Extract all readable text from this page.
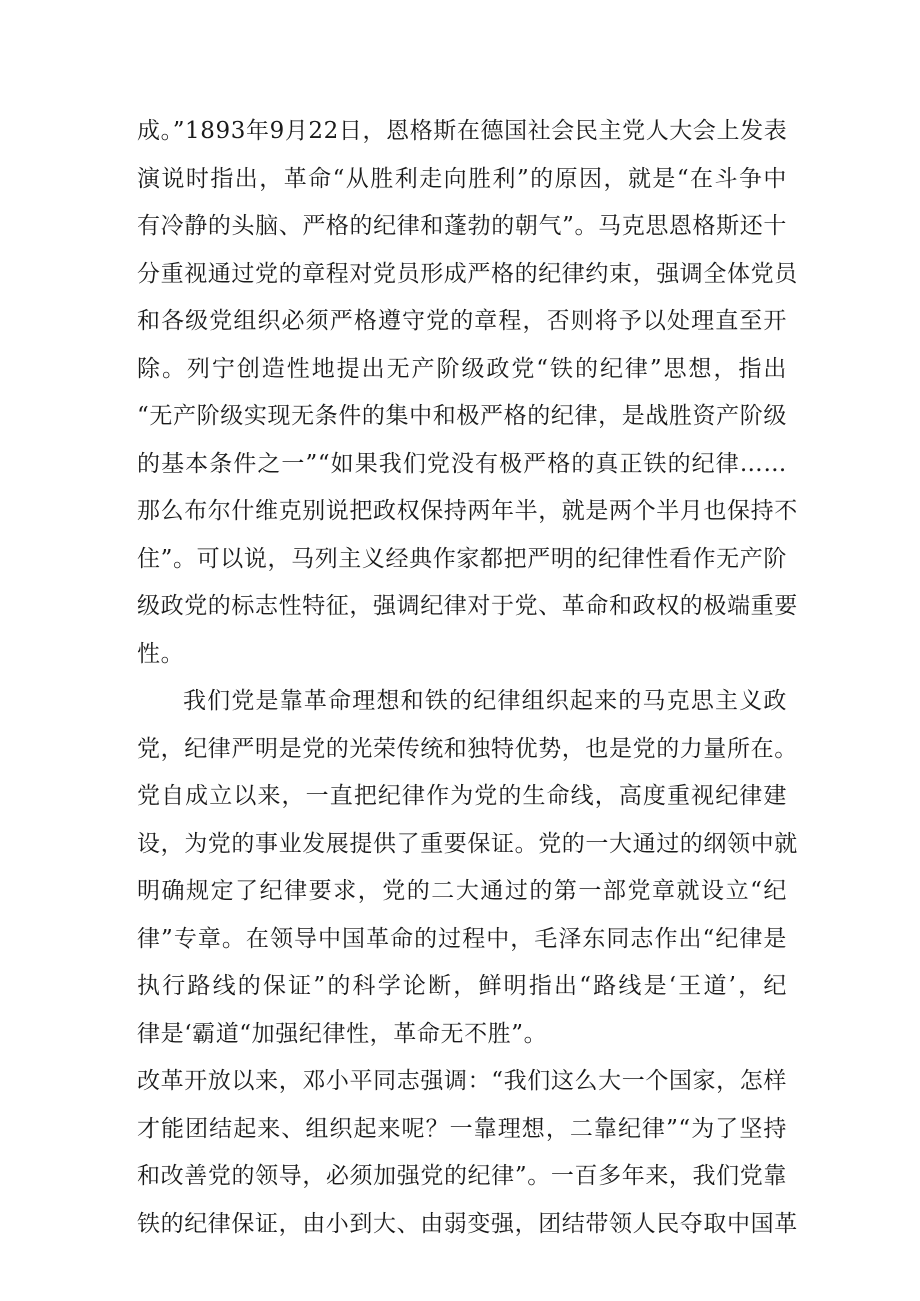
成。”1893年9月22日，恩格斯在德国社会民主党人大会上发表
演说时指出，革命“从胜利走向胜利”的原因，就是“在斗争中
有冷静的头脑、严格的纪律和蓬勃的朝气”。马克思恩格斯还十
分重视通过党的章程对党员形成严格的纪律约束，强调全体党员
和各级党组织必须严格遵守党的章程，否则将予以处理直至开
除。列宁创造性地提出无产阶级政党“铁的纪律”思想，指出
“无产阶级实现无条件的集中和极严格的纪律，是战胜资产阶级
的基本条件之一”“如果我们党没有极严格的真正铁的纪律……
那么布尔什维克别说把政权保持两年半，就是两个半月也保持不
住”。可以说，马列主义经典作家都把严明的纪律性看作无产阶
级政党的标志性特征，强调纪律对于党、革命和政权的极端重要
性。
我们党是靠革命理想和铁的纪律组织起来的马克思主义政
党，纪律严明是党的光荣传统和独特优势，也是党的力量所在。
党自成立以来，一直把纪律作为党的生命线，高度重视纪律建
设，为党的事业发展提供了重要保证。党的一大通过的纲领中就
明确规定了纪律要求，党的二大通过的第一部党章就设立“纪
律”专章。在领导中国革命的过程中，毛泽东同志作出“纪律是
执行路线的保证”的科学论断，鲜明指出“路线是‘王道’，纪
律是‘霸道“加强纪律性，革命无不胜”。
改革开放以来，邓小平同志强调：“我们这么大一个国家，怎样
才能团结起来、组织起来呢？一靠理想，二靠纪律”“为了坚持
和改善党的领导，必须加强党的纪律”。一百多年来，我们党靠
铁的纪律保证，由小到大、由弱变强，团结带领人民夺取中国革
